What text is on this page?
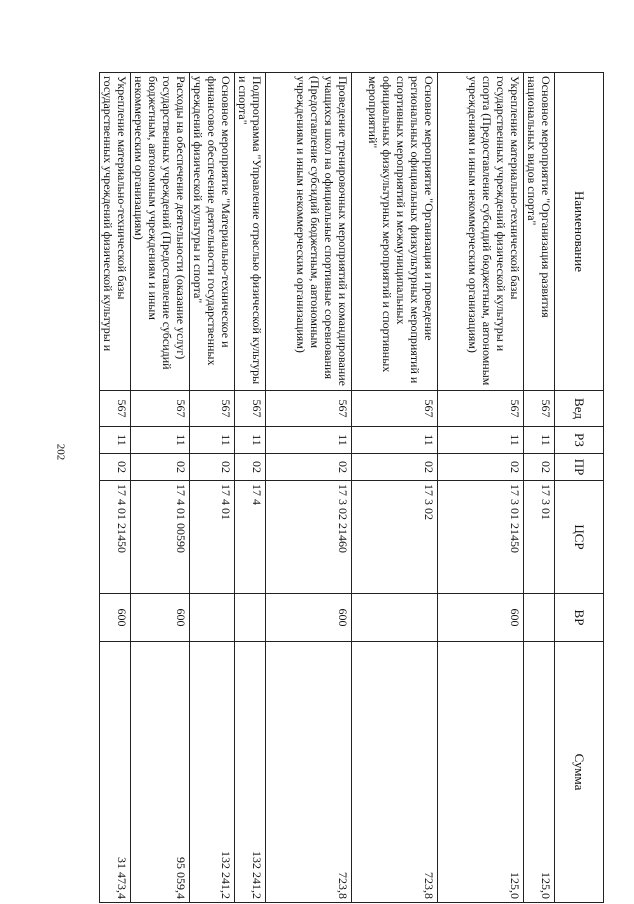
202
Наименование	Вед	РЗ	ПР	ЦСР	ВР	Сумма
Основное мероприятие "Организация развития национальных видов спорта"	567	11	02	17 3 01		125,0
Укрепление материально-технической базы государственных учреждений физической культуры и спорта (Предоставление субсидий бюджетным, автономным учреждениям и иным некоммерческим организациям)	567	11	02	17 3 01 21450	600	125,0
Основное мероприятие "Организация и проведение региональных официальных физкультурных мероприятий и спортивных мероприятий и межмуниципальных официальных физкультурных мероприятий и спортивных мероприятий"	567	11	02	17 3 02		723,8
Проведение тренировочных мероприятий и командирование учащихся школ на официальные спортивные соревнования (Предоставление субсидий бюджетным, автономным учреждениям и иным некоммерческим организациям)	567	11	02	17 3 02 21460	600	723,8
Подпрограмма "Управление отраслью физической культуры и спорта"	567	11	02	17 4		132 241,2
Основное мероприятие "Материально-техническое и финансовое обеспечение деятельности государственных учреждений физической культуры и спорта"	567	11	02	17 4 01		132 241,2
Расходы на обеспечение деятельности (оказание услуг) государственных учреждений (Предоставление субсидий бюджетным, автономным учреждениям и иным некоммерческим организациям)	567	11	02	17 4 01 00590	600	95 059,4
Укрепление материально-технической базы государственных учреждений физической культуры и	567	11	02	17 4 01 21450	600	31 473,4
